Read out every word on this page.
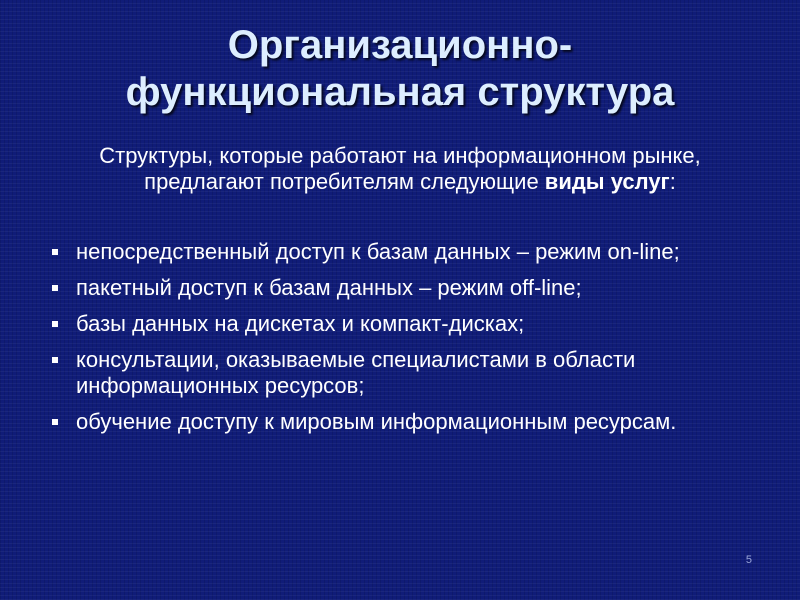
Организационно-
функциональная структура
Структуры, которые работают на информационном рынке, предлагают потребителям следующие виды услуг:
непосредственный доступ к базам данных – режим on-line;
пакетный доступ к базам данных – режим off-line;
базы данных на дискетах и компакт-дисках;
консультации, оказываемые специалистами в области информационных ресурсов;
обучение доступу к мировым информационным ресурсам.
5
